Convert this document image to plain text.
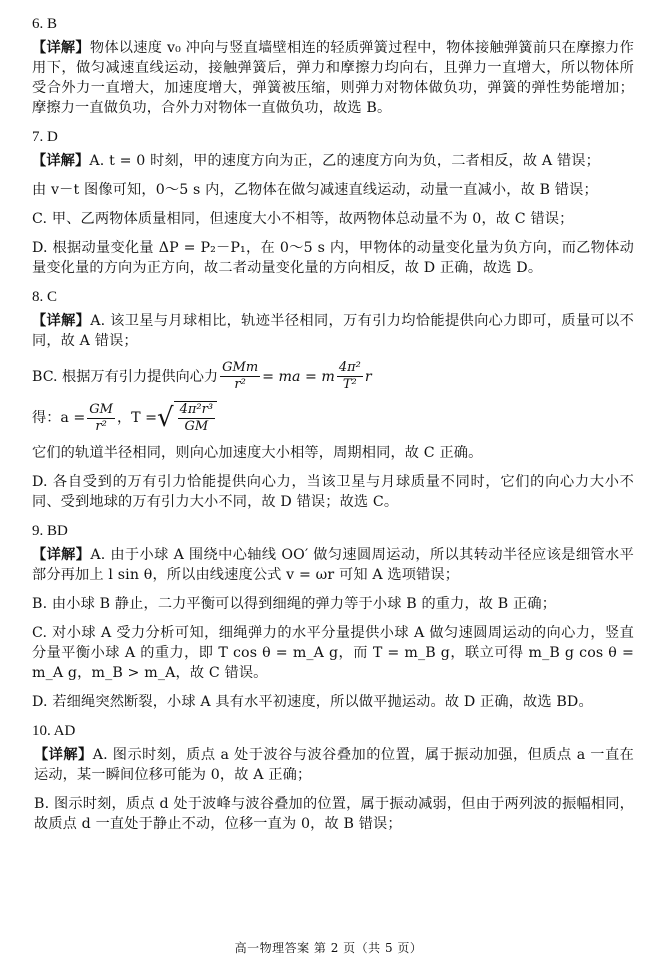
6. B
【详解】物体以速度 v₀ 冲向与竖直墙壁相连的轻质弹簧过程中，物体接触弹簧前只在摩擦力作用下，做匀减速直线运动，接触弹簧后，弹力和摩擦力均向右，且弹力一直增大，所以物体所受合外力一直增大，加速度增大，弹簧被压缩，则弹力对物体做负功，弹簧的弹性势能增加；摩擦力一直做负功，合外力对物体一直做负功，故选 B。
7. D
【详解】A. t = 0 时刻，甲的速度方向为正，乙的速度方向为负，二者相反，故 A 错误；
由 v－t 图像可知，0～5 s 内，乙物体在做匀减速直线运动，动量一直减小，故 B 错误；
C. 甲、乙两物体质量相同，但速度大小不相等，故两物体总动量不为 0，故 C 错误；
D. 根据动量变化量 ΔP = P₂－P₁，在 0～5 s 内，甲物体的动量变化量为负方向，而乙物体动量变化量的方向为正方向，故二者动量变化量的方向相反，故 D 正确，故选 D。
8. C
【详解】A. 该卫星与月球相比，轨迹半径相同，万有引力均恰能提供向心力即可，质量可以不同，故 A 错误；
BC. 根据万有引力提供向心力 $\frac{\text{GMm}}{\text{r²}}$ = ma = m $\frac{\text{4π²}}{\text{T²}}$ r
得：$a = \frac{GM}{\text{r²}}$ ，T = √ $\frac{\text{4π²r³}}{GM}$
它们的轨道半径相同，则向心加速度大小相等，周期相同，故 C 正确。
D. 各自受到的万有引力恰能提供向心力，当该卫星与月球质量不同时，它们的向心力大小不同、受到地球的万有引力大小不同，故 D 错误；故选 C。
9. BD
【详解】A. 由于小球 A 围绕中心轴线 OO′ 做匀速圆周运动，所以其转动半径应该是细管水平部分再加上 l sin θ，所以由线速度公式 v = ωr 可知 A 选项错误；
B. 由小球 B 静止，二力平衡可以得到细绳的弹力等于小球 B 的重力，故 B 正确；
C. 对小球 A 受力分析可知，细绳弹力的水平分量提供小球 A 做匀速圆周运动的向心力，竖直分量平衡小球 A 的重力，即 T cos θ = m_A g，而 T = m_B g，联立可得 m_B g cos θ = m_A g，m_B > m_A，故 C 错误。
D. 若细绳突然断裂，小球 A 具有水平初速度，所以做平抛运动。故 D 正确，故选 BD。
10. AD
【详解】A. 图示时刻，质点 a 处于波谷与波谷叠加的位置，属于振动加强，但质点 a 一直在运动，某一瞬间位移可能为 0，故 A 正确；
B. 图示时刻，质点 d 处于波峰与波谷叠加的位置，属于振动减弱，但由于两列波的振幅相同，故质点 d 一直处于静止不动，位移一直为 0，故 B 错误；
高一物理答案 第 2 页（共 5 页）
